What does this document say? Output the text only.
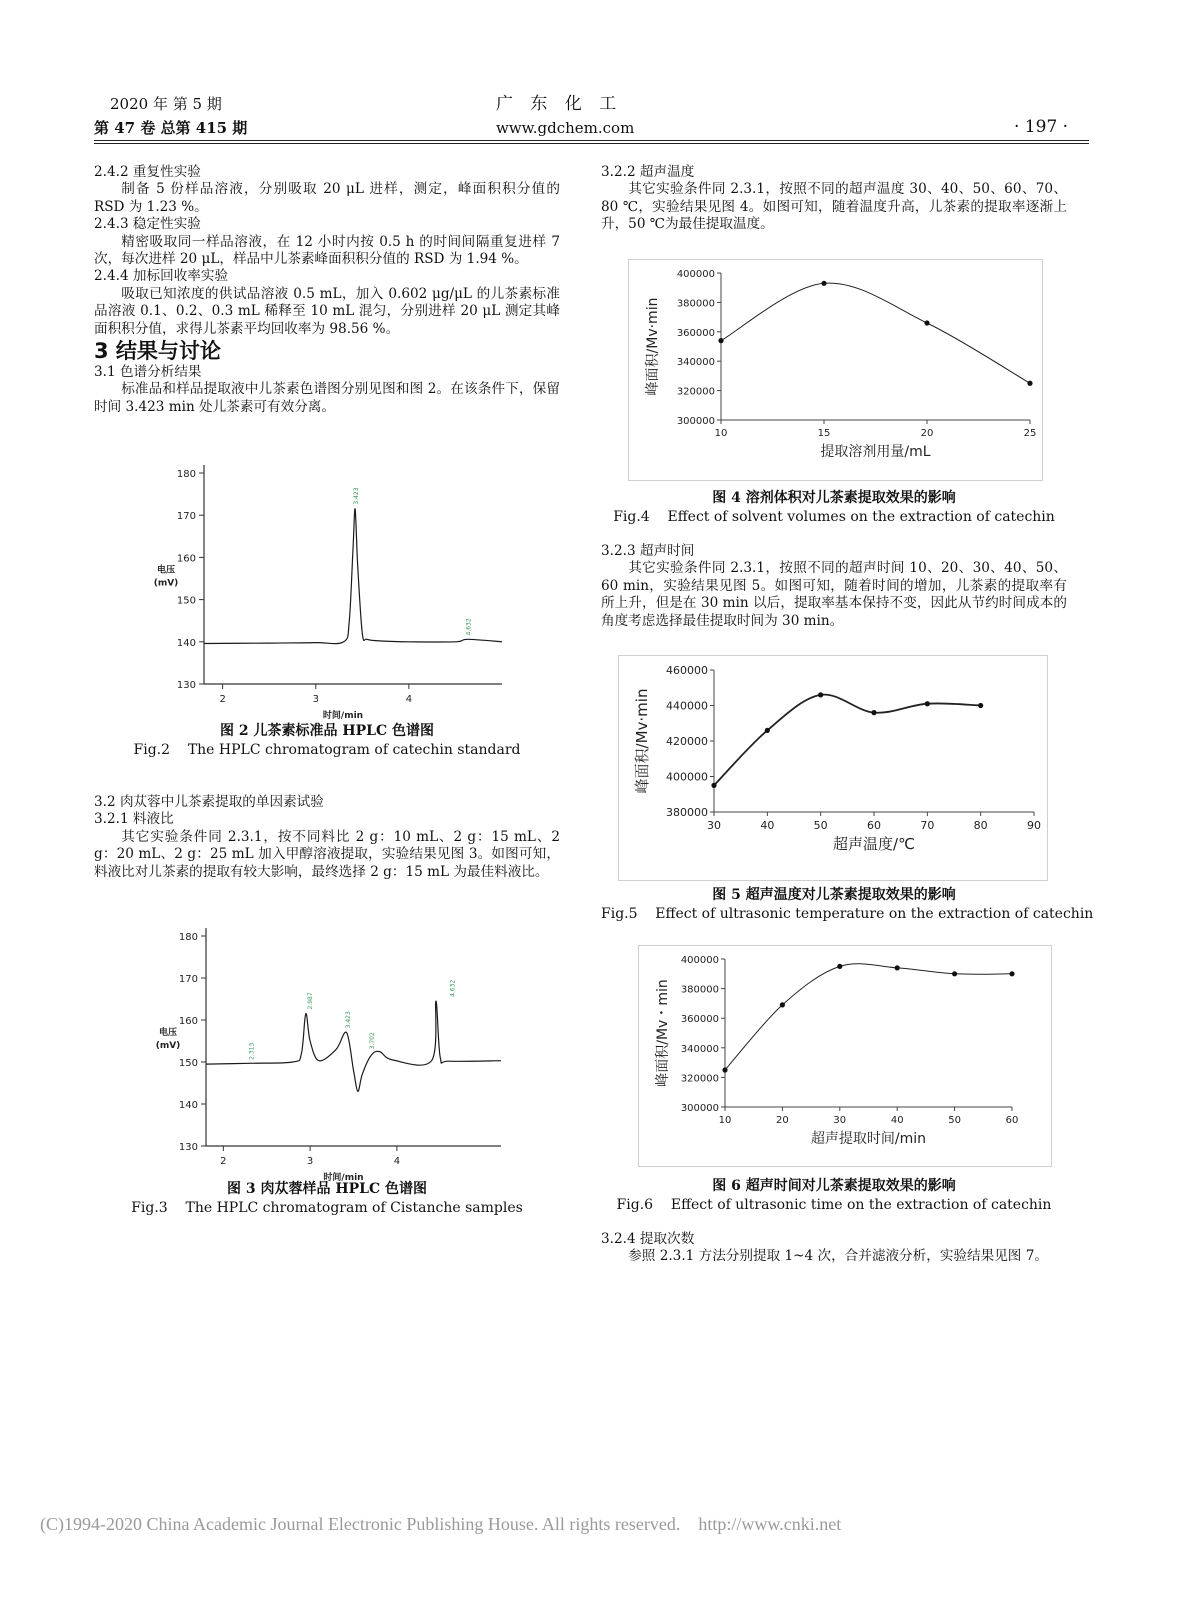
2020 年 第 5 期
第 47 卷 总第 415 期
广 东 化 工
www.gdchem.com	· 197 ·

2.4.2 重复性实验

制备 5 份样品溶液，分别吸取 20 μL 进样，测定，峰面积积分值的 RSD 为 1.23 %。

2.4.3 稳定性实验

精密吸取同一样品溶液，在 12 小时内按 0.5 h 的时间间隔重复进样 7 次，每次进样 20 μL，样品中儿茶素峰面积积分值的 RSD 为 1.94 %。

2.4.4 加标回收率实验

吸取已知浓度的供试品溶液 0.5 mL，加入 0.602 μg/μL 的儿茶素标准品溶液 0.1、0.2、0.3 mL 稀释至 10 mL 混匀，分别进样 20 μL 测定其峰面积积分值，求得儿茶素平均回收率为 98.56 %。

3 结果与讨论

3.1 色谱分析结果

标准品和样品提取液中儿茶素色谱图分别见图和图 2。在该条件下，保留时间 3.423 min 处儿茶素可有效分离。

130
140
150
160
170
180
2	3	4
电压
(mV)
时间/min
3.423
4.632
图 2 儿茶素标准品 HPLC 色谱图
Fig.2    The HPLC chromatogram of catechin standard

3.2 肉苁蓉中儿茶素提取的单因素试验

3.2.1 料液比

其它实验条件同 2.3.1，按不同料比 2 g：10 mL、2 g：15 mL、2 g：20 mL、2 g：25 mL 加入甲醇溶液提取，实验结果见图 3。如图可知，料液比对儿茶素的提取有较大影响，最终选择 2 g：15 mL 为最佳料液比。

130
140
150
160
170
180
2	3	4
电压
(mV)
时间/min
2.313
2.987
3.423
3.702
4.632
图 3 肉苁蓉样品 HPLC 色谱图
Fig.3    The HPLC chromatogram of Cistanche samples

3.2.2 超声温度

其它实验条件同 2.3.1，按照不同的超声温度 30、40、50、60、70、80 ℃，实验结果见图 4。如图可知，随着温度升高，儿茶素的提取率逐渐上升，50 ℃为最佳提取温度。

300000
320000
340000
360000
380000
400000
10	15	20	25
峰面积/Mv·min
提取溶剂用量/mL
图 4 溶剂体积对儿茶素提取效果的影响
Fig.4    Effect of solvent volumes on the extraction of catechin

3.2.3 超声时间

其它实验条件同 2.3.1，按照不同的超声时间 10、20、30、40、50、60 min，实验结果见图 5。如图可知，随着时间的增加，儿茶素的提取率有所上升，但是在 30 min 以后，提取率基本保持不变，因此从节约时间成本的角度考虑选择最佳提取时间为 30 min。

380000
400000
420000
440000
460000
30	40	50	60	70	80	90
峰面积/Mv·min
超声温度/℃
图 5 超声温度对儿茶素提取效果的影响
Fig.5    Effect of ultrasonic temperature on the extraction of catechin
300000
320000
340000
360000
380000
400000
10	20	30	40	50	60
峰面积/Mv・min
超声提取时间/min
图 6 超声时间对儿茶素提取效果的影响
Fig.6    Effect of ultrasonic time on the extraction of catechin

3.2.4 提取次数

参照 2.3.1 方法分别提取 1~4 次，合并滤液分析，实验结果见图 7。

(C)1994-2020 China Academic Journal Electronic Publishing House. All rights reserved.    http://www.cnki.net
